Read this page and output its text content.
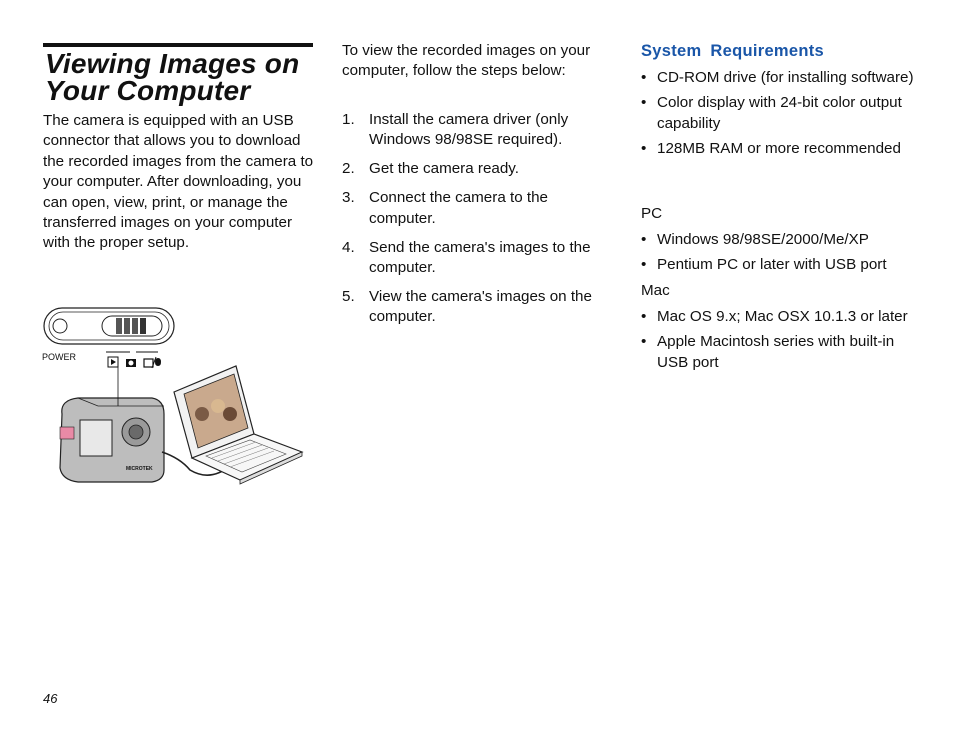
Viewing Images on Your Computer

The camera is equipped with an USB connector that allows you to download the recorded images from the camera to your computer. After downloading, you can open, view, print, or manage the transferred images on your computer with the proper setup.

POWER
MICROTEK

To view the recorded images on your computer, follow the steps below:

1. Install the camera driver (only Windows 98/98SE required).
2. Get the camera ready.
3. Connect the camera to the computer.
4. Send the camera's images to the computer.
5. View the camera's images on the computer.
System Requirements
• CD-ROM drive (for installing software)
• Color display with 24-bit color output capability
• 128MB RAM or more recommended

PC

• Windows 98/98SE/2000/Me/XP
• Pentium PC or later with USB port

Mac

• Mac OS 9.x; Mac OSX 10.1.3 or later
• Apple Macintosh series with built-in USB port
46
